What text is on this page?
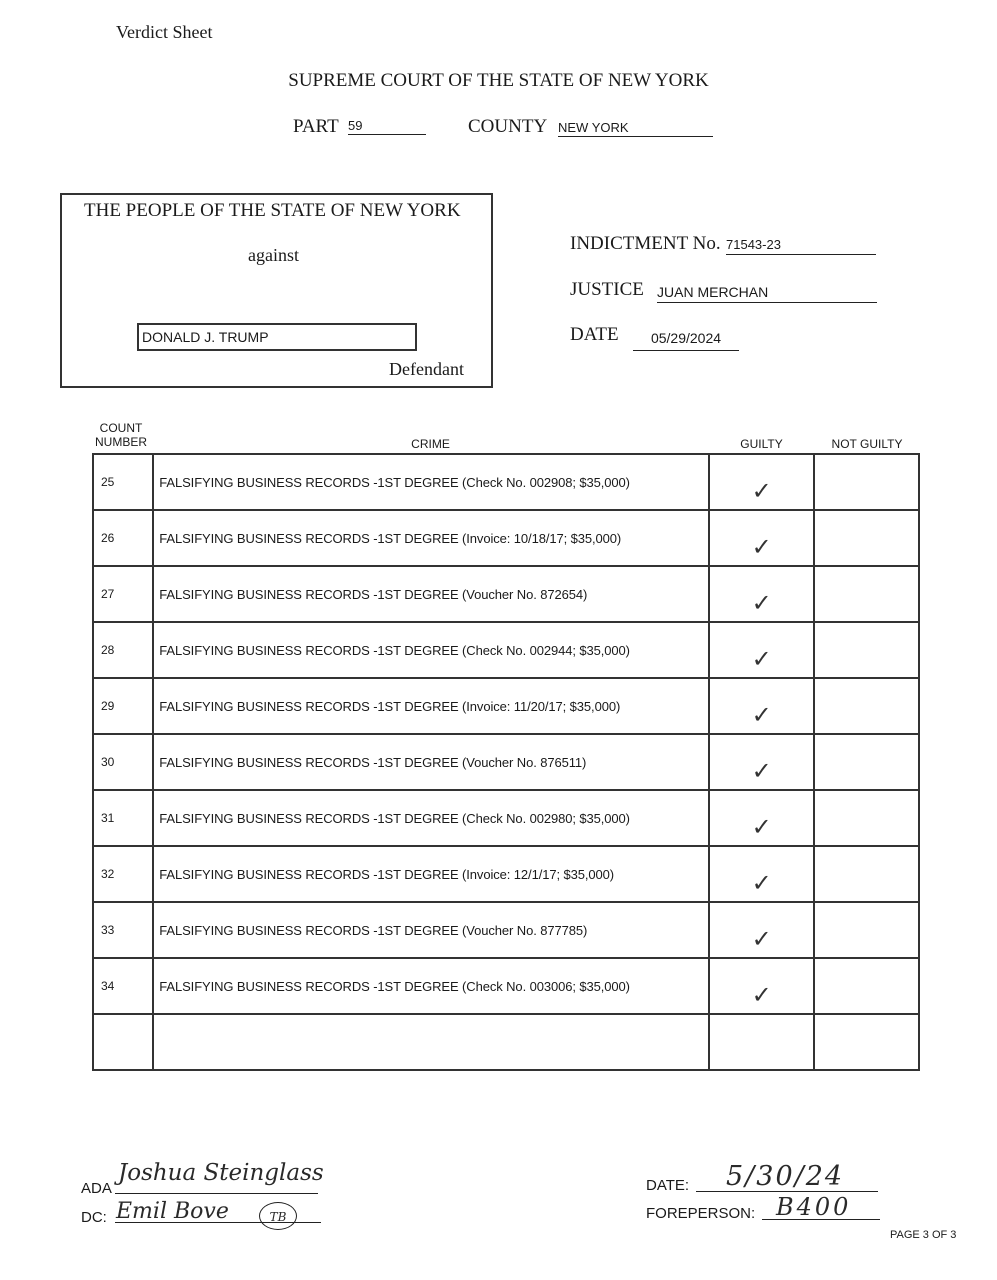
Verdict Sheet
SUPREME COURT OF THE STATE OF NEW YORK
PART 59	COUNTY NEW YORK
THE PEOPLE OF THE STATE OF NEW YORK
against
DONALD J. TRUMP
Defendant
INDICTMENT No. 71543-23
JUSTICE JUAN MERCHAN
DATE	05/29/2024
COUNT NUMBER	CRIME	GUILTY	NOT GUILTY
25	FALSIFYING BUSINESS RECORDS -1ST DEGREE (Check No. 002908; $35,000)	✓	

26	FALSIFYING BUSINESS RECORDS -1ST DEGREE (Invoice: 10/18/17; $35,000)	✓	

27	FALSIFYING BUSINESS RECORDS -1ST DEGREE (Voucher No. 872654)	✓	

28	FALSIFYING BUSINESS RECORDS -1ST DEGREE (Check No. 002944; $35,000)	✓	

29	FALSIFYING BUSINESS RECORDS -1ST DEGREE (Invoice: 11/20/17; $35,000)	✓	

30	FALSIFYING BUSINESS RECORDS -1ST DEGREE (Voucher No. 876511)	✓	

31	FALSIFYING BUSINESS RECORDS -1ST DEGREE (Check No. 002980; $35,000)	✓	

32	FALSIFYING BUSINESS RECORDS -1ST DEGREE (Invoice: 12/1/17; $35,000)	✓	

33	FALSIFYING BUSINESS RECORDS -1ST DEGREE (Voucher No. 877785)	✓	

34	FALSIFYING BUSINESS RECORDS -1ST DEGREE (Check No. 003006; $35,000)	✓	

ADA
Joshua Steinglass
DC: Emil Bove	TB
DATE: 5/30/24
FOREPERSON: B400
PAGE 3 OF 3
